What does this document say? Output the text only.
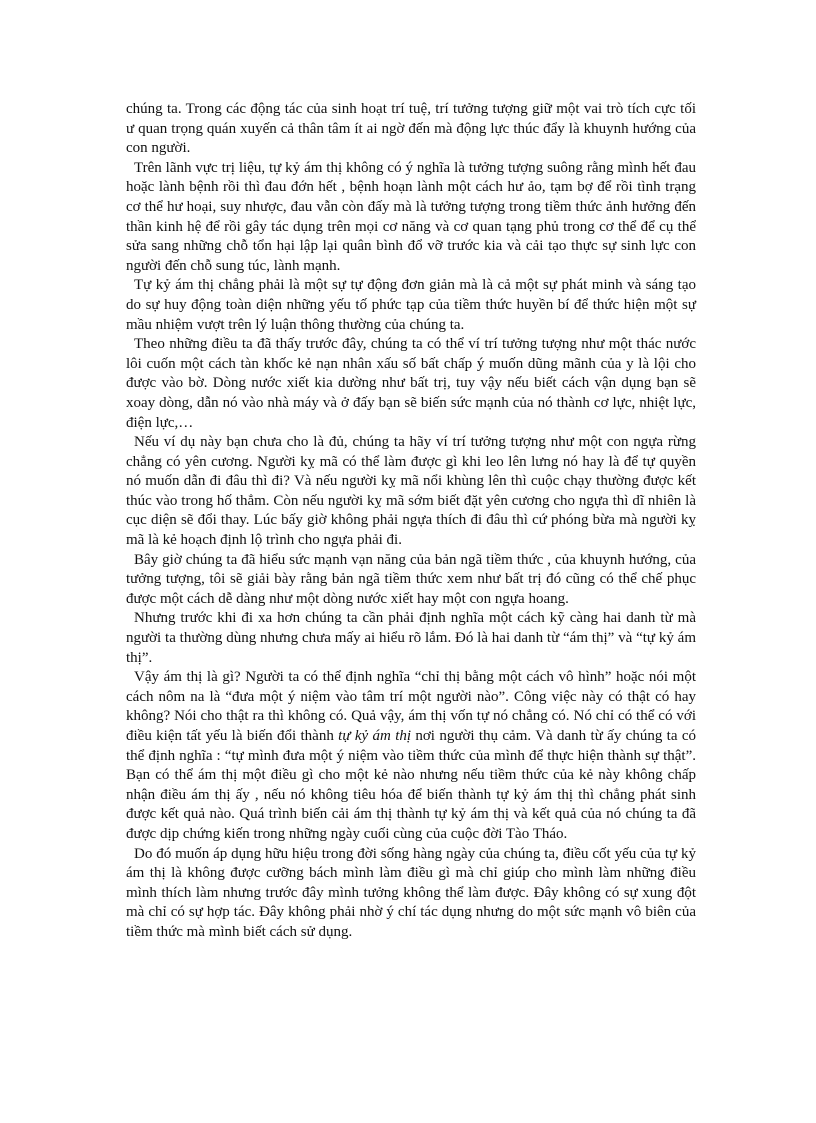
chúng ta. Trong các động tác của sinh hoạt trí tuệ, trí tưởng tượng giữ một vai trò tích cực tối ư quan trọng quán xuyến cả thân tâm ít ai ngờ đến mà động lực thúc đẩy là khuynh hướng của con người.

Trên lãnh vực trị liệu, tự kỷ ám thị không có ý nghĩa là tưởng tượng suông rằng mình hết đau hoặc lành bệnh rồi thì đau đớn hết , bệnh hoạn lành một cách hư ảo, tạm bợ để rồi tình trạng cơ thể hư hoại, suy nhược, đau vẫn còn đấy mà là tưởng tượng trong tiềm thức ảnh hưởng đến thần kinh hệ để rồi gây tác dụng trên mọi cơ năng và cơ quan tạng phủ trong cơ thể để cụ thể sửa sang những chỗ tổn hại lập lại quân bình đổ vỡ trước kia và cải tạo thực sự sinh lực con người đến chỗ sung túc, lành mạnh.

Tự kỷ ám thị chẳng phải là một sự tự động đơn giản mà là cả một sự phát minh và sáng tạo do sự huy động toàn diện những yếu tố phức tạp của tiềm thức huyền bí để thức hiện một sự mầu nhiệm vượt trên lý luận thông thường của chúng ta.

Theo những điều ta đã thấy trước đây, chúng ta có thể ví trí tưởng tượng như một thác nước lôi cuốn một cách tàn khốc kẻ nạn nhân xấu số bất chấp ý muốn dũng mãnh của y là lội cho được vào bờ. Dòng nước xiết kia dường như bất trị, tuy vậy nếu biết cách vận dụng bạn sẽ xoay dòng, dẫn nó vào nhà máy và ở đấy bạn sẽ biến sức mạnh của nó thành cơ lực, nhiệt lực, điện lực,…

Nếu ví dụ này bạn chưa cho là đủ, chúng ta hãy ví trí tưởng tượng như một con ngựa rừng chẳng có yên cương. Người kỵ mã có thể làm được gì khi leo lên lưng nó hay là để tự quyền nó muốn dẫn đi đâu thì đi? Và nếu người kỵ mã nổi khùng lên thì cuộc chạy thường được kết thúc vào trong hố thẳm. Còn nếu người kỵ mã sớm biết đặt yên cương cho ngựa thì dĩ nhiên là cục diện sẽ đổi thay. Lúc bấy giờ không phải ngựa thích đi đâu thì cứ phóng bừa mà người kỵ mã là kẻ hoạch định lộ trình cho ngựa phải đi.

Bây giờ chúng ta đã hiểu sức mạnh vạn năng của bản ngã tiềm thức , của khuynh hướng, của tưởng tượng, tôi sẽ giải bày rằng bản ngã tiềm thức xem như bất trị đó cũng có thể chế phục được một cách dễ dàng như một dòng nước xiết hay một con ngựa hoang.

Nhưng trước khi đi xa hơn chúng ta cần phải định nghĩa một cách kỹ càng hai danh từ mà người ta thường dùng nhưng chưa mấy ai hiểu rõ lắm. Đó là hai danh từ “ám thị” và “tự kỷ ám thị”.

Vậy ám thị là gì? Người ta có thể định nghĩa “chỉ thị bằng một cách vô hình” hoặc nói một cách nôm na là “đưa một ý niệm vào tâm trí một người nào”. Công việc này có thật có hay không? Nói cho thật ra thì không có. Quả vậy, ám thị vốn tự nó chẳng có. Nó chỉ có thể có với điều kiện tất yếu là biến đổi thành tự kỷ ám thị nơi người thụ cảm. Và danh từ ấy chúng ta có thể định nghĩa : “tự mình đưa một ý niệm vào tiềm thức của mình để thực hiện thành sự thật”. Bạn có thể ám thị một điều gì cho một kẻ nào nhưng nếu tiềm thức của kẻ này không chấp nhận điều ám thị ấy , nếu nó không tiêu hóa để biến thành tự kỷ ám thị thì chẳng phát sinh được kết quả nào. Quá trình biến cải ám thị thành tự kỷ ám thị và kết quả của nó chúng ta đã được dịp chứng kiến trong những ngày cuối cùng của cuộc đời Tào Tháo.

Do đó muốn áp dụng hữu hiệu trong đời sống hàng ngày của chúng ta, điều cốt yếu của tự kỷ ám thị là không được cưỡng bách mình làm điều gì mà chỉ giúp cho mình làm những điều mình thích làm nhưng trước đây mình tưởng không thể làm được. Đây không có sự xung đột mà chỉ có sự hợp tác. Đây không phải nhờ ý chí tác dụng nhưng do một sức mạnh vô biên của tiềm thức mà mình biết cách sử dụng.
